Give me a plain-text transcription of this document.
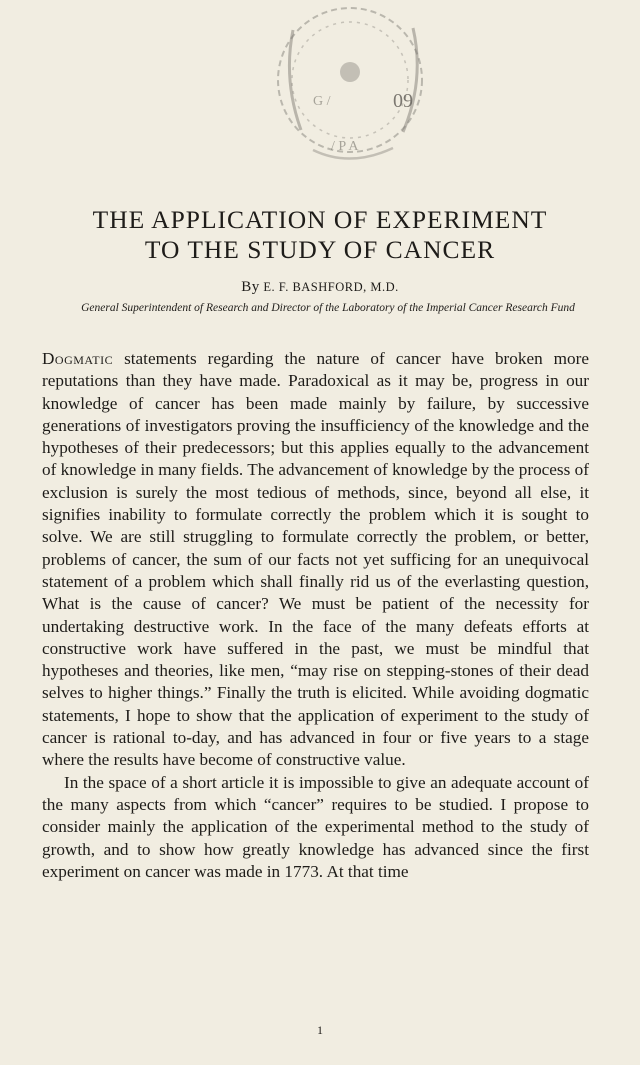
09
G /
/ P A
THE APPLICATION OF EXPERIMENT
TO THE STUDY OF CANCER
By E. F. BASHFORD, M.D.
General Superintendent of Research and Director of the Laboratory of the Imperial Cancer Research Fund

Dogmatic statements regarding the nature of cancer have broken more reputations than they have made. Paradoxical as it may be, progress in our knowledge of cancer has been made mainly by failure, by successive generations of investigators proving the insufficiency of the knowledge and the hypotheses of their predecessors; but this applies equally to the advancement of knowledge in many fields. The advancement of knowledge by the process of exclusion is surely the most tedious of methods, since, beyond all else, it signifies inability to formulate correctly the problem which it is sought to solve. We are still struggling to formulate correctly the problem, or better, problems of cancer, the sum of our facts not yet sufficing for an unequivocal statement of a problem which shall finally rid us of the everlasting question, What is the cause of cancer? We must be patient of the necessity for undertaking destructive work. In the face of the many defeats efforts at constructive work have suffered in the past, we must be mindful that hypotheses and theories, like men, “may rise on stepping-stones of their dead selves to higher things.” Finally the truth is elicited. While avoiding dogmatic statements, I hope to show that the application of experiment to the study of cancer is rational to-day, and has advanced in four or five years to a stage where the results have become of constructive value.

In the space of a short article it is impossible to give an adequate account of the many aspects from which “cancer” requires to be studied. I propose to consider mainly the application of the experimental method to the study of growth, and to show how greatly knowledge has advanced since the first experiment on cancer was made in 1773. At that time

1
